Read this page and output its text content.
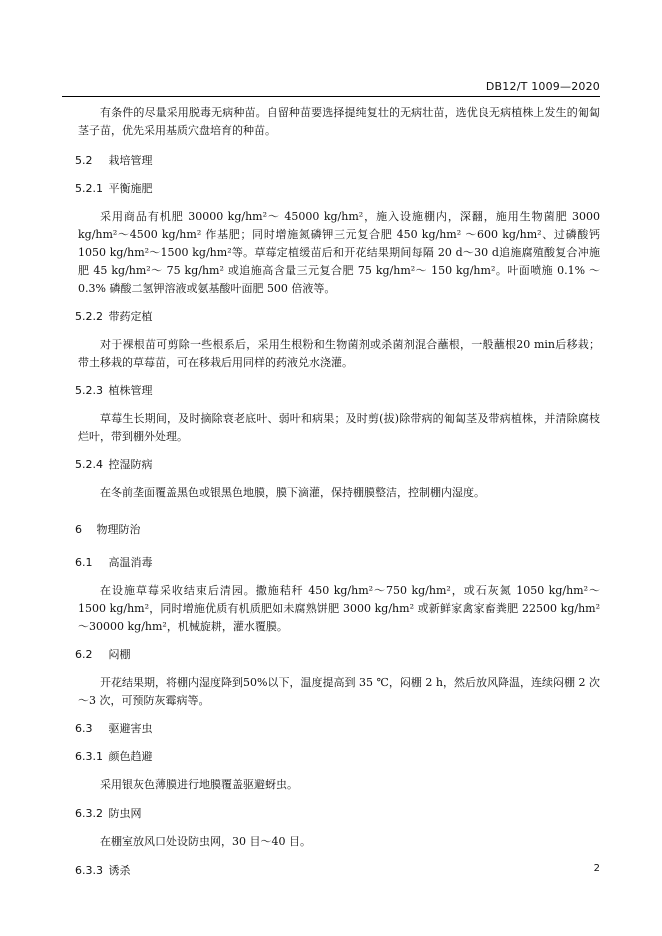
DB12/T 1009—2020

有条件的尽量采用脱毒无病种苗。自留种苗要选择提纯复壮的无病壮苗，选优良无病植株上发生的匍匐茎子苗，优先采用基质穴盘培育的种苗。

5.2 栽培管理
5.2.1 平衡施肥

采用商品有机肥 30000 kg/hm²～ 45000 kg/hm²，施入设施棚内，深翻，施用生物菌肥 3000 kg/hm²～4500 kg/hm² 作基肥；同时增施氮磷钾三元复合肥 450 kg/hm² ～600 kg/hm²、过磷酸钙 1050 kg/hm²～1500 kg/hm²等。草莓定植缓苗后和开花结果期间每隔 20 d～30 d追施腐殖酸复合冲施肥 45 kg/hm²～ 75 kg/hm² 或追施高含量三元复合肥 75 kg/hm²～ 150 kg/hm²。叶面喷施 0.1% ～0.3% 磷酸二氢钾溶液或氨基酸叶面肥 500 倍液等。

5.2.2 带药定植

对于裸根苗可剪除一些根系后，采用生根粉和生物菌剂或杀菌剂混合蘸根，一般蘸根20 min后移栽；带土移栽的草莓苗，可在移栽后用同样的药液兑水浇灌。

5.2.3 植株管理

草莓生长期间，及时摘除衰老底叶、弱叶和病果；及时剪(拔)除带病的匍匐茎及带病植株，并清除腐枝烂叶，带到棚外处理。

5.2.4 控湿防病

在冬前垄面覆盖黑色或银黑色地膜，膜下滴灌，保持棚膜整洁，控制棚内湿度。

6 物理防治
6.1 高温消毒

在设施草莓采收结束后清园。撒施秸秆 450 kg/hm²～750 kg/hm²，或石灰氮 1050 kg/hm²～ 1500 kg/hm²，同时增施优质有机质肥如未腐熟饼肥 3000 kg/hm² 或新鲜家禽家畜粪肥 22500 kg/hm²～30000 kg/hm²，机械旋耕，灌水覆膜。

6.2 闷棚

开花结果期，将棚内湿度降到50%以下，温度提高到 35 ℃，闷棚 2 h，然后放风降温，连续闷棚 2 次～3 次，可预防灰霉病等。

6.3 驱避害虫
6.3.1 颜色趋避

采用银灰色薄膜进行地膜覆盖驱避蚜虫。

6.3.2 防虫网

在棚室放风口处设防虫网，30 目～40 目。

6.3.3 诱杀	2
